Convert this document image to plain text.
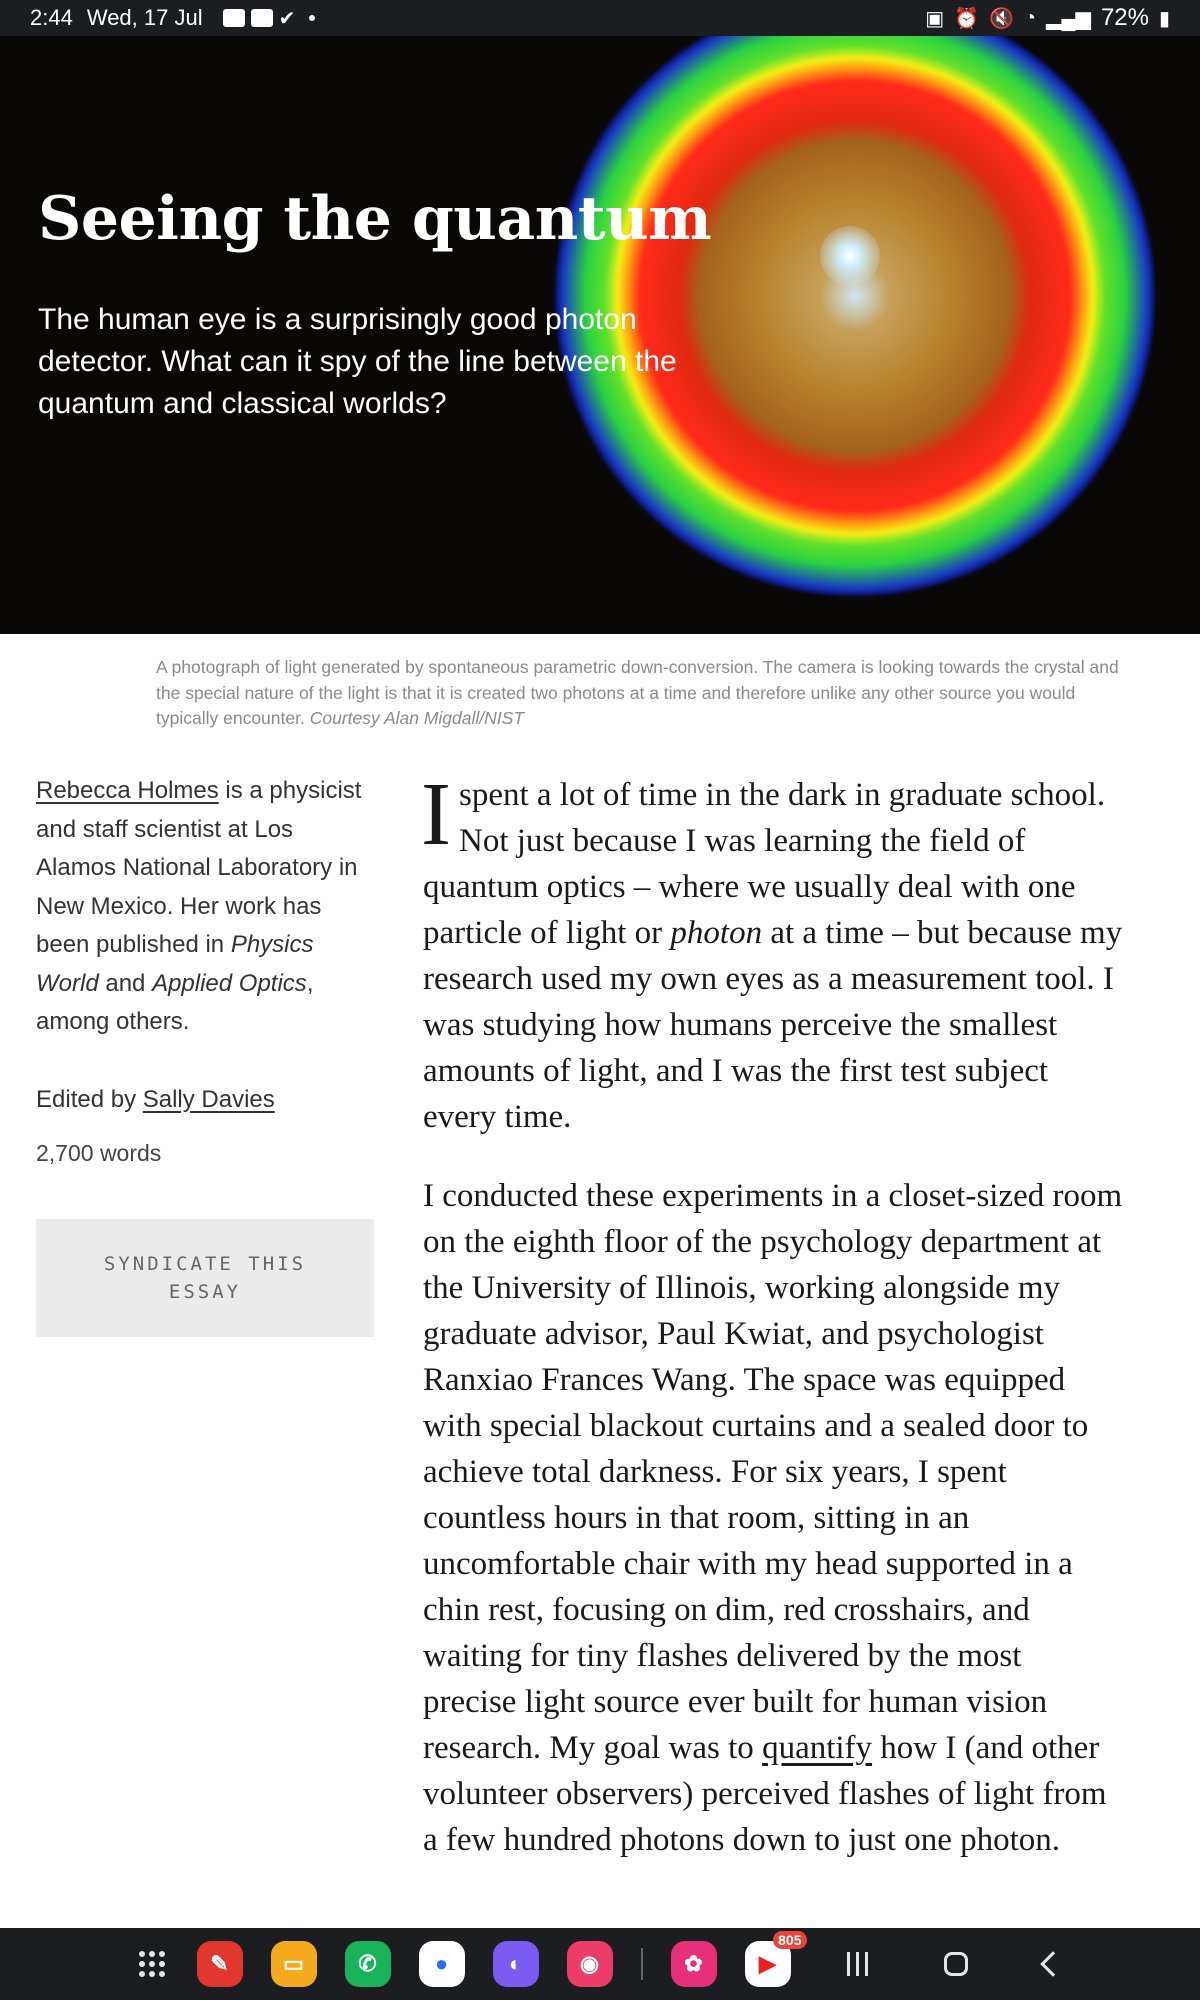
2:44 Wed, 17 Jul	✔	▣ ⏰ 🔇 ◔ ▂▄▆ 72% ▮
Seeing the quantum

The human eye is a surprisingly good photon detector. What can it spy of the line between the quantum and classical worlds?

A photograph of light generated by spontaneous parametric down-conversion. The camera is looking towards the crystal and the special nature of the light is that it is created two photons at a time and therefore unlike any other source you would typically encounter. Courtesy Alan Migdall/NIST

Rebecca Holmes is a physicist and staff scientist at Los Alamos National Laboratory in New Mexico. Her work has been published in Physics World and Applied Optics, among others.

Edited by Sally Davies

2,700 words

SYNDICATE THIS ESSAY

I spent a lot of time in the dark in graduate school. Not just because I was learning the field of quantum optics – where we usually deal with one particle of light or photon at a time – but because my research used my own eyes as a measurement tool. I was studying how humans perceive the smallest amounts of light, and I was the first test subject every time.

I conducted these experiments in a closet-sized room on the eighth floor of the psychology department at the University of Illinois, working alongside my graduate advisor, Paul Kwiat, and psychologist Ranxiao Frances Wang. The space was equipped with special blackout curtains and a sealed door to achieve total darkness. For six years, I spent countless hours in that room, sitting in an uncomfortable chair with my head supported in a chin rest, focusing on dim, red crosshairs, and waiting for tiny flashes delivered by the most precise light source ever built for human vision research. My goal was to quantify how I (and other volunteer observers) perceived flashes of light from a few hundred photons down to just one photon.

✎	▭	✆	●	◐	◉	✿	▶
805
